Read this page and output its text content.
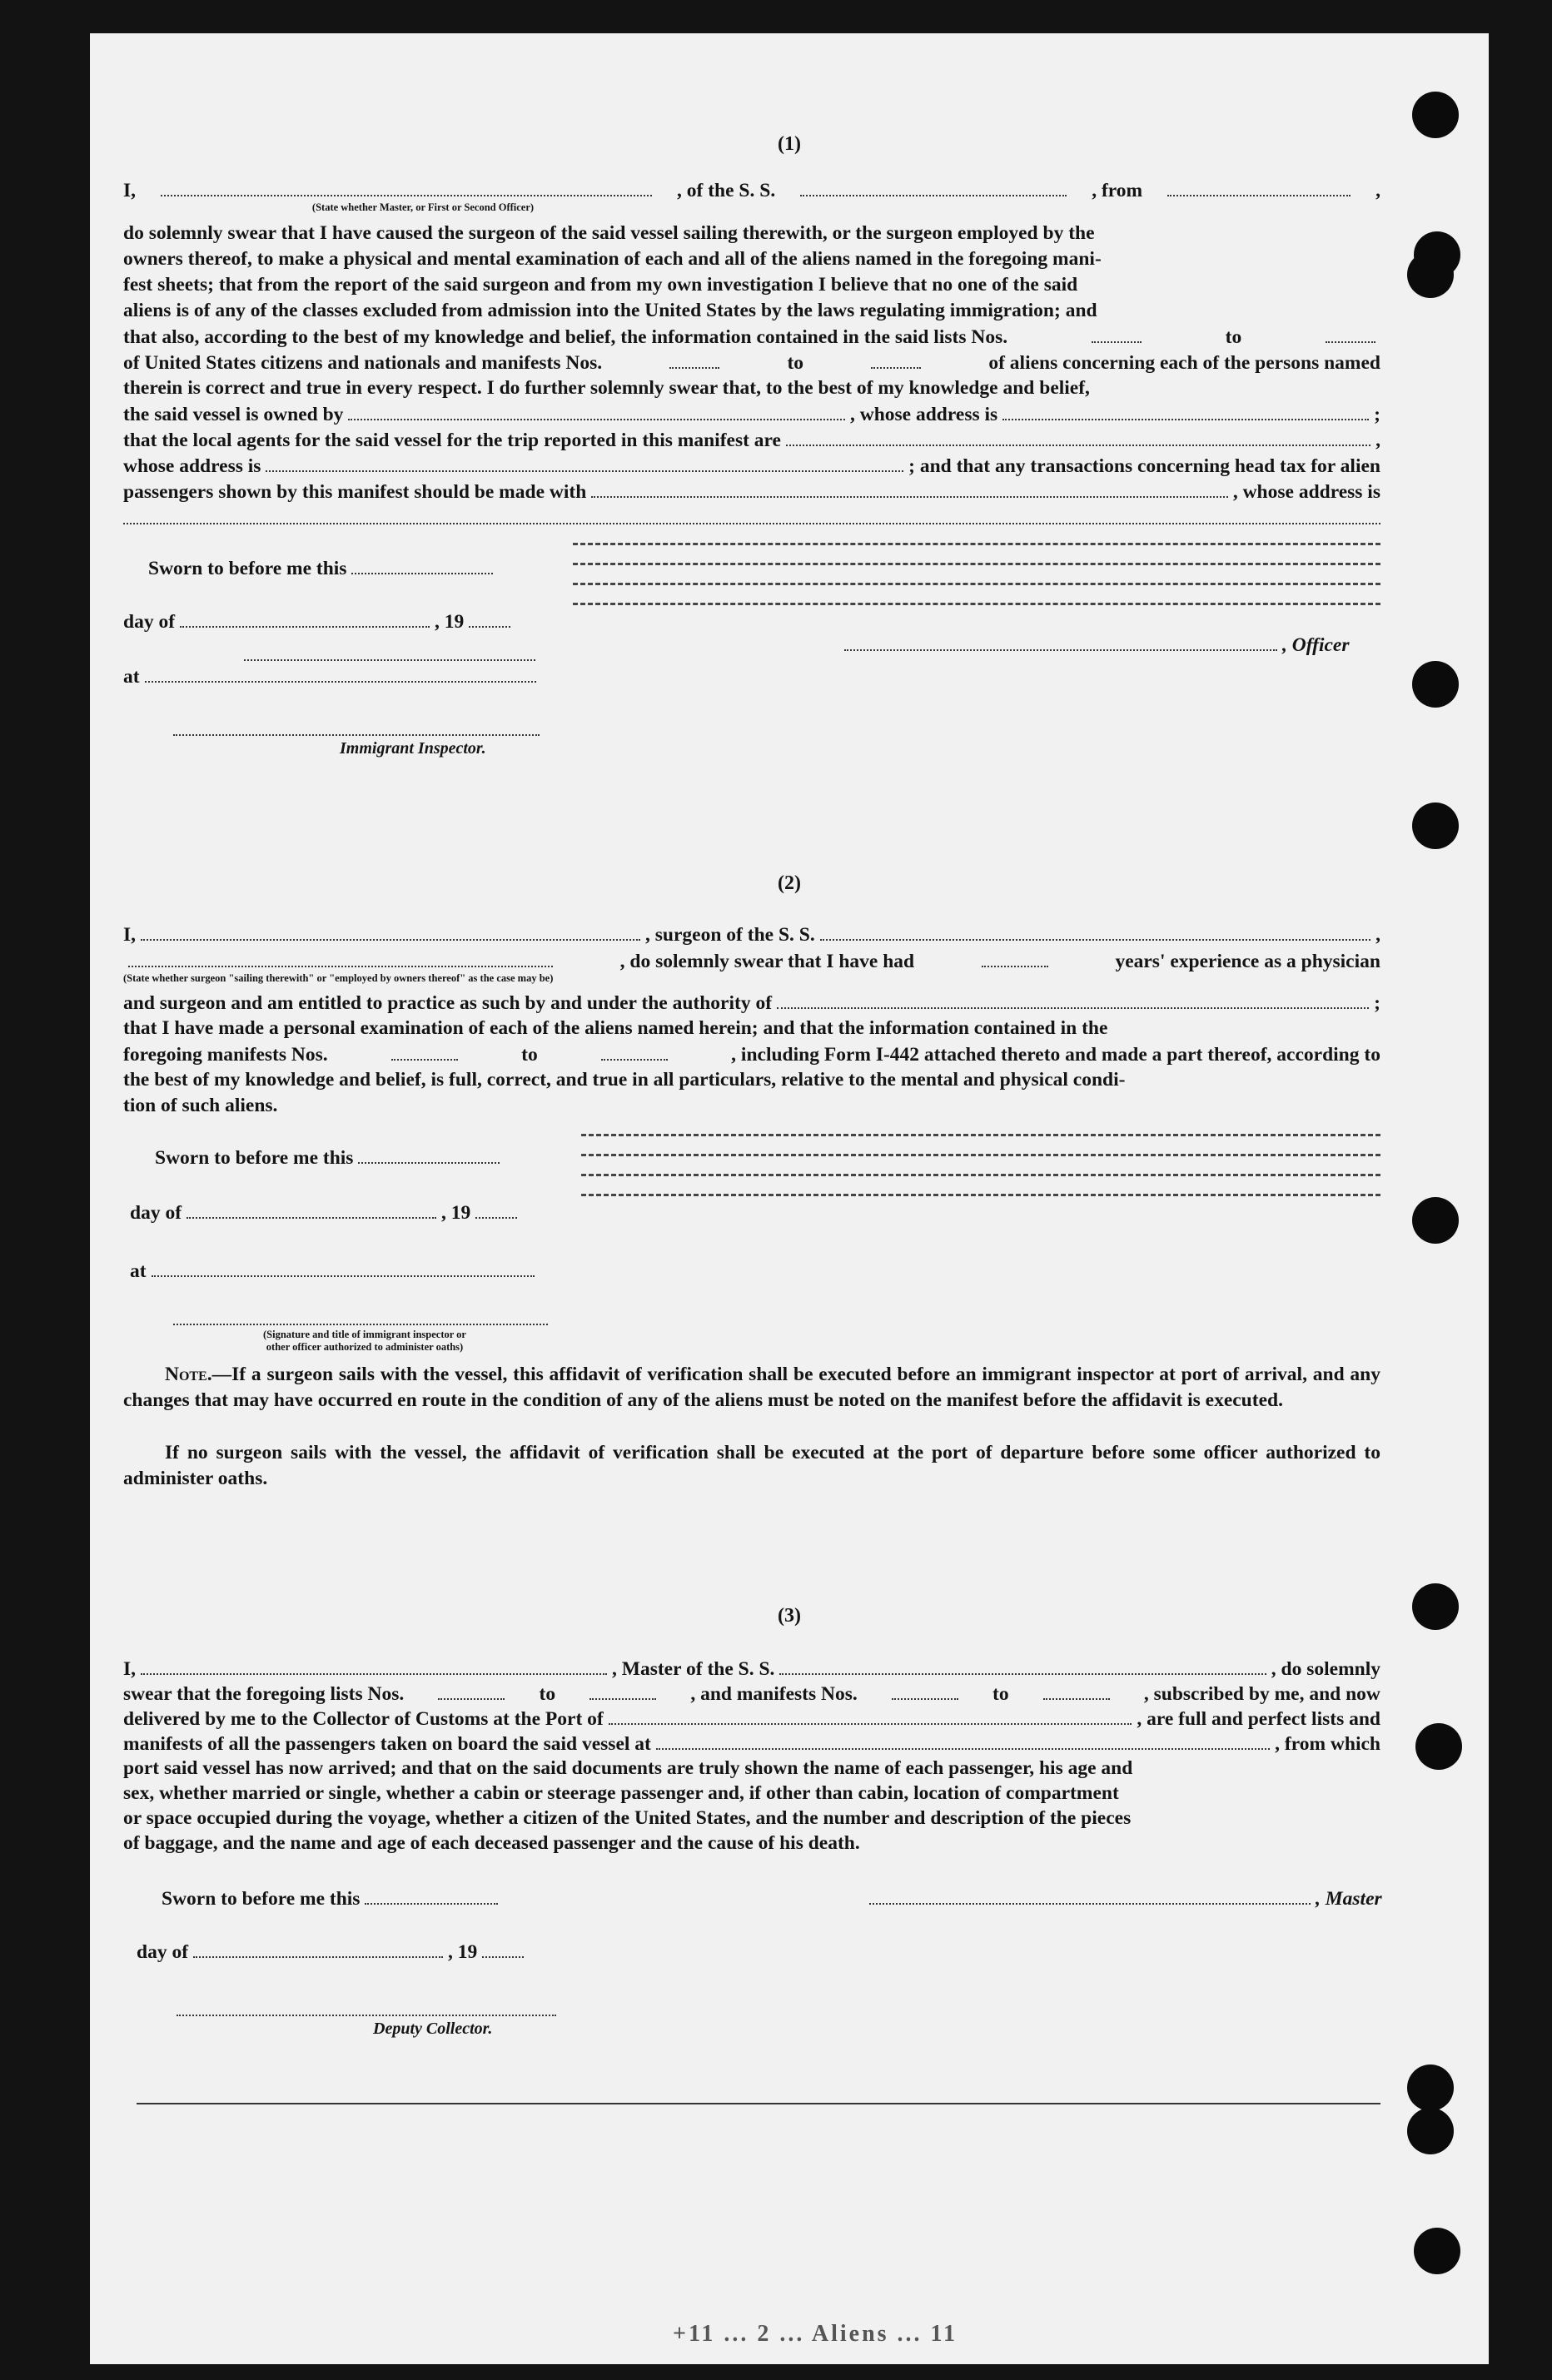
(1)
I,	, of the S. S.	, from	,
(State whether Master, or First or Second Officer)
do solemnly swear that I have caused the surgeon of the said vessel sailing therewith, or the surgeon employed by the
owners thereof, to make a physical and mental examination of each and all of the aliens named in the foregoing mani-
fest sheets; that from the report of the said surgeon and from my own investigation I believe that no one of the said
aliens is of any of the classes excluded from admission into the United States by the laws regulating immigration; and
that also, according to the best of my knowledge and belief, the information contained in the said lists Nos.	to
of United States citizens and nationals and manifests Nos.	to	of aliens concerning each of the persons named
therein is correct and true in every respect. I do further solemnly swear that, to the best of my knowledge and belief,
the said vessel is owned by	, whose address is	;
that the local agents for the said vessel for the trip reported in this manifest are	,
whose address is	; and that any transactions concerning head tax for alien
passengers shown by this manifest should be made with	, whose address is
Sworn to before me this
day of	, 19
at
, Officer
Immigrant Inspector.
(2)
I,	, surgeon of the S. S.	,
, do solemnly swear that I have had	years' experience as a physician
(State whether surgeon "sailing therewith" or "employed by owners thereof" as the case may be)
and surgeon and am entitled to practice as such by and under the authority of	;
that I have made a personal examination of each of the aliens named herein; and that the information contained in the
foregoing manifests Nos.	to	, including Form I-442 attached thereto and made a part thereof, according to
the best of my knowledge and belief, is full, correct, and true in all particulars, relative to the mental and physical condi-
tion of such aliens.
Sworn to before me this
day of	, 19
at
(Signature and title of immigrant inspector or
other officer authorized to administer oaths)
Note.—If a surgeon sails with the vessel, this affidavit of verification shall be executed before an immigrant inspector at port of arrival, and any changes that may have occurred en route in the condition of any of the aliens must be noted on the manifest before the affidavit is executed.
If no surgeon sails with the vessel, the affidavit of verification shall be executed at the port of departure before some officer authorized to administer oaths.
(3)
I,	, Master of the S. S.	, do solemnly
swear that the foregoing lists Nos.	to	, and manifests Nos.	to	, subscribed by me, and now
delivered by me to the Collector of Customs at the Port of	, are full and perfect lists and
manifests of all the passengers taken on board the said vessel at	, from which
port said vessel has now arrived; and that on the said documents are truly shown the name of each passenger, his age and
sex, whether married or single, whether a cabin or steerage passenger and, if other than cabin, location of compartment
or space occupied during the voyage, whether a citizen of the United States, and the number and description of the pieces
of baggage, and the name and age of each deceased passenger and the cause of his death.
Sworn to before me this	, Master
day of	, 19
Deputy Collector.
+11 ... 2 ... Aliens ... 11
